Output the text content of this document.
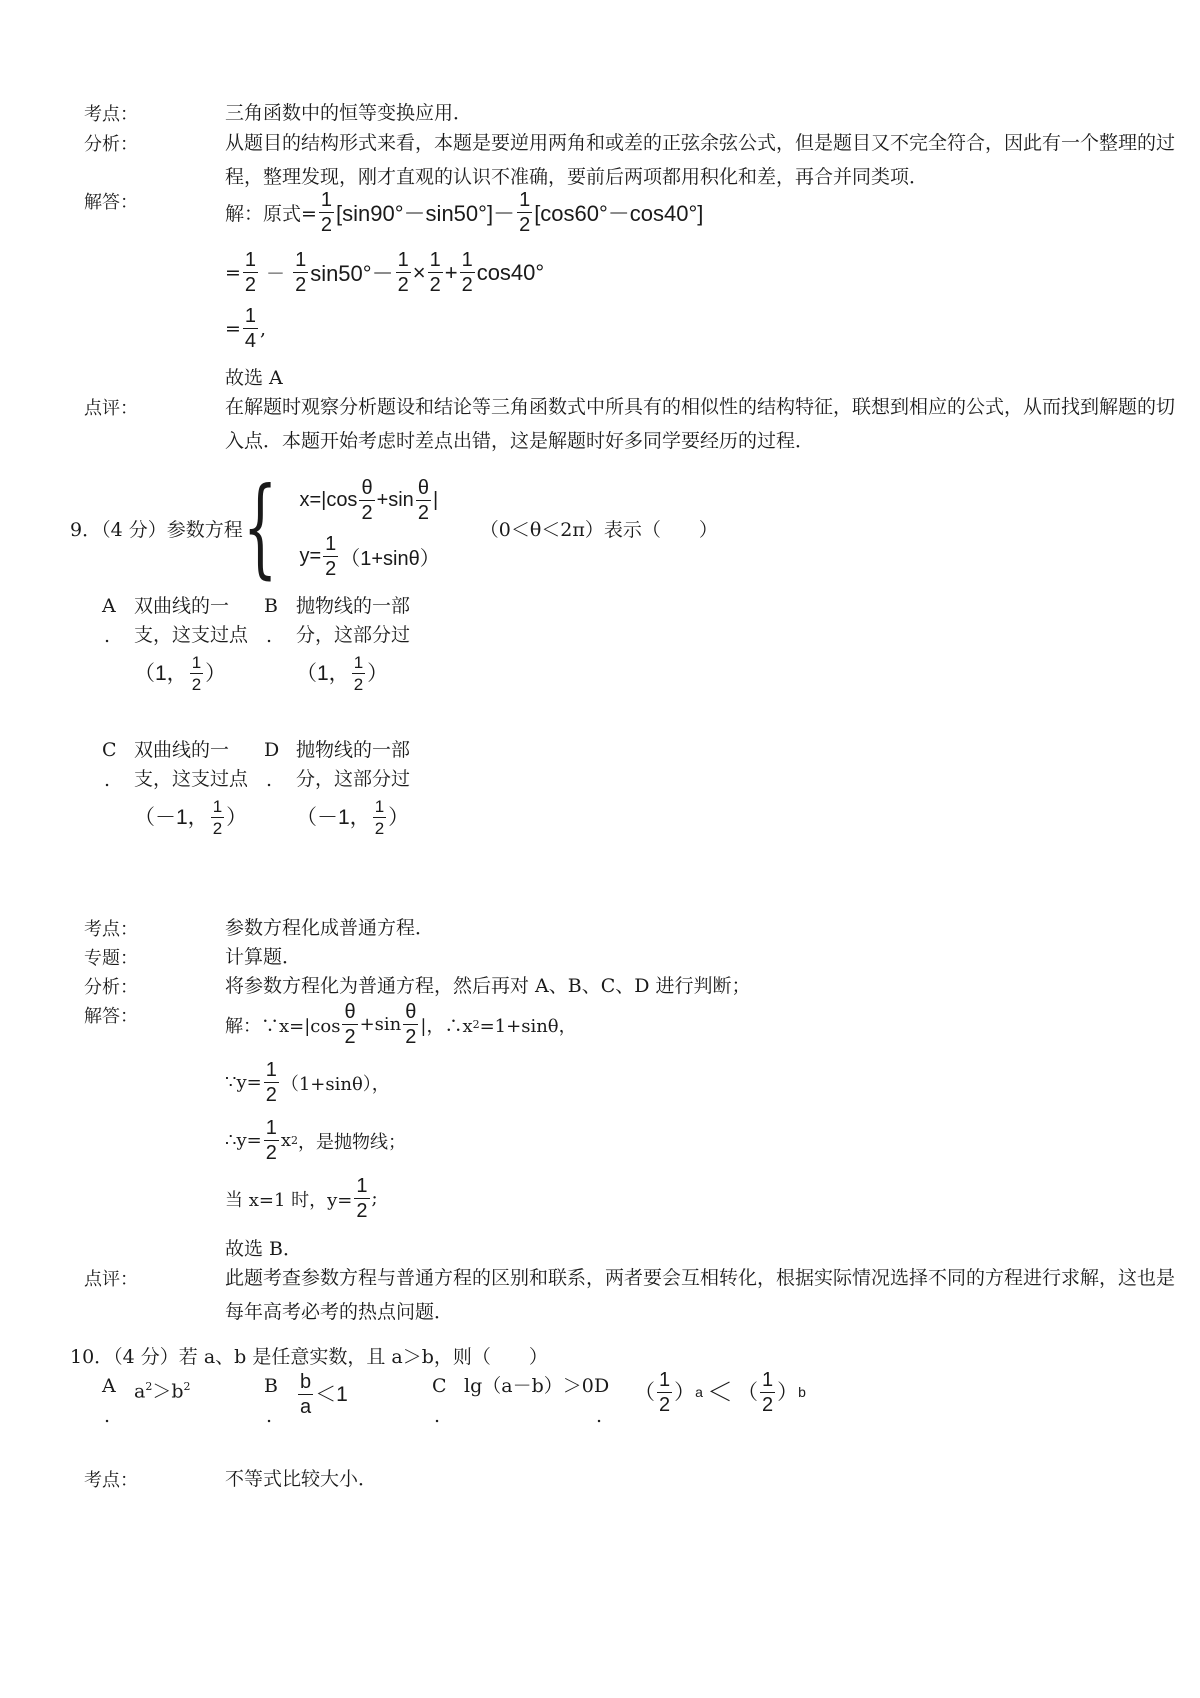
考点：	三角函数中的恒等变换应用．
分析：	从题目的结构形式来看，本题是要逆用两角和或差的正弦余弦公式，但是题目又不完全符合，因此有一个整理的过程，整理发现，刚才直观的认识不准确，要前后两项都用积化和差，再合并同类项．
解答：
解：原式= $\frac{1}{2} [\sin 90^\circ-\sin 50^\circ]- \frac{1}{2} [\cos 60^\circ-\cos 40^\circ]$
= $\frac{1}{2} - \frac{1}{2} \sin 50^\circ- \frac{1}{2} \times \frac{1}{2} + \frac{1}{2} \cos 40^\circ$
= $\frac{1}{4}$ ,
故选 A
点评：	在解题时观察分析题设和结论等三角函数式中所具有的相似性的结构特征，联想到相应的公式，从而找到解题的切入点．本题开始考虑时差点出错，这是解题时好多同学要经历的过程．
9．（4 分）参数方程 { $x=|\cos \frac{\theta}{2} +\sin \frac{\theta}{2}$ |
$y= \frac{1}{2} (1+\sin\theta)$
（0＜θ＜2π）表示（　　）
A
.
双曲线的一支，这支过点
（1， $\frac{1}{2}$ ）
B
.
抛物线的一部分，这部分过
（1， $\frac{1}{2}$ ）
C
.
双曲线的一支，这支过点
（－1， $\frac{1}{2}$ ）
D
.
抛物线的一部分，这部分过
（－1， $\frac{1}{2}$ ）
考点：	参数方程化成普通方程．
专题：	计算题．
分析：	将参数方程化为普通方程，然后再对 A、B、C、D 进行判断；
解答：	解：∵x=|cos $\frac{\theta}{2} +\sin \frac{\theta}{2}$ |，∴x 2 =1+sinθ，
∵y= $\frac{1}{2} (1+\sin\theta)$，
∴y= $\frac{1}{2}$ x 2 ，是抛物线；
当 x=1 时，$y= \frac{1}{2}$ ;
故选 B．
点评：	此题考查参数方程与普通方程的区别和联系，两者要会互相转化，根据实际情况选择不同的方程进行求解，这也是每年高考必考的热点问题．
10．（4 分）若 a、b 是任意实数，且 a＞b，则（　　）
A
.
$a^2>b^2$	B
. $\frac{b}{a} <1$	C
.
lg（a－b）＞0 D
.
（ $\frac{1}{2}$ ） a ＜ （ $\frac{1}{2}$ ） b
考点：	不等式比较大小．
